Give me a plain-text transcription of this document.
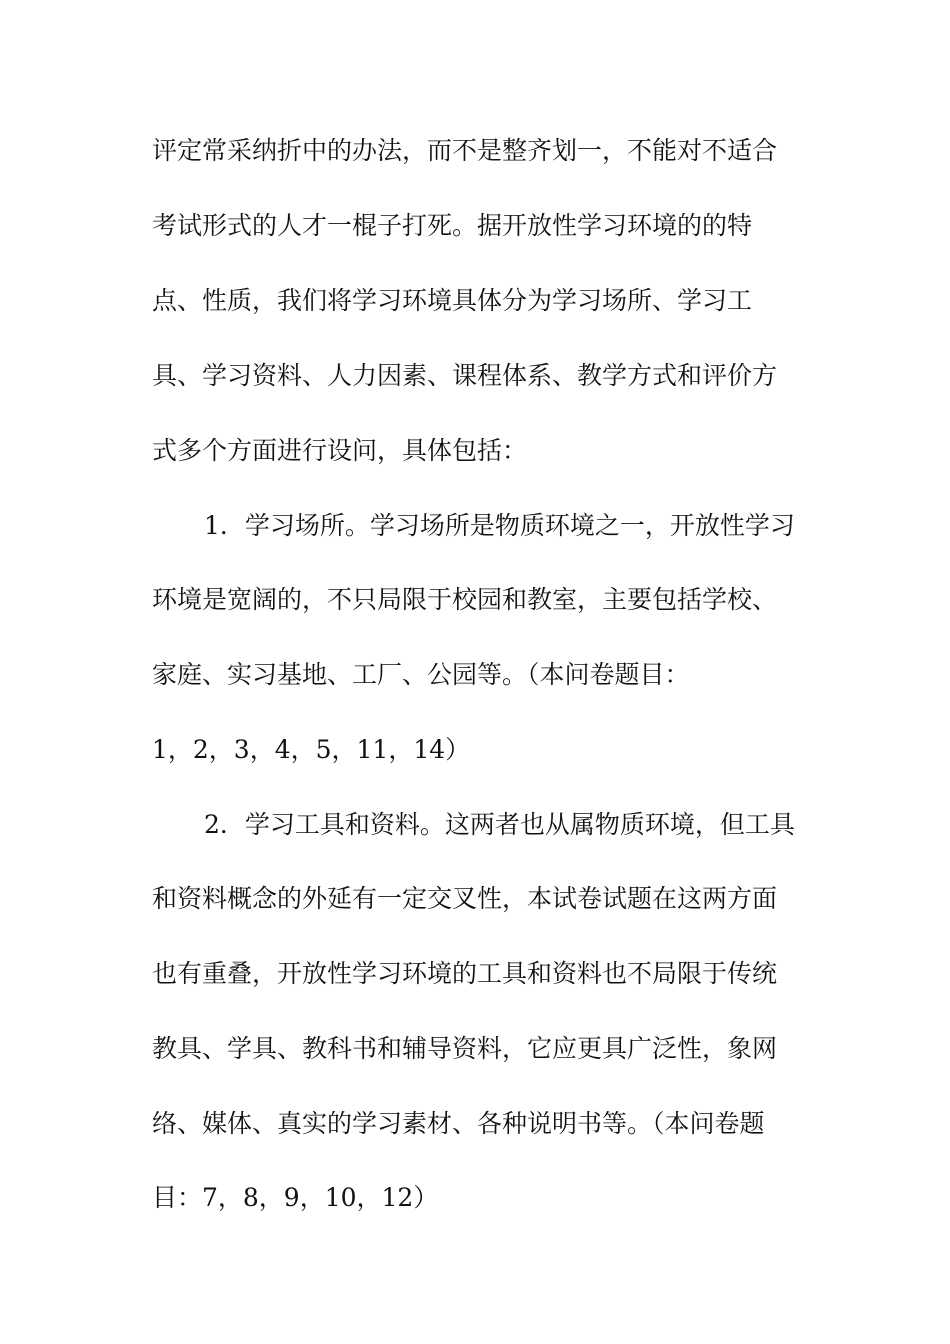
评定常采纳折中的办法，而不是整齐划一，不能对不适合
考试形式的人才一棍子打死。据开放性学习环境的的特
点、性质，我们将学习环境具体分为学习场所、学习工
具、学习资料、人力因素、课程体系、教学方式和评价方
式多个方面进行设问，具体包括：
1．学习场所。学习场所是物质环境之一，开放性学习
环境是宽阔的，不只局限于校园和教室，主要包括学校、
家庭、实习基地、工厂、公园等。（本问卷题目：
1，2，3，4，5，11，14）
2．学习工具和资料。这两者也从属物质环境，但工具
和资料概念的外延有一定交叉性，本试卷试题在这两方面
也有重叠，开放性学习环境的工具和资料也不局限于传统
教具、学具、教科书和辅导资料，它应更具广泛性，象网
络、媒体、真实的学习素材、各种说明书等。（本问卷题
目：7，8，9，10，12）
